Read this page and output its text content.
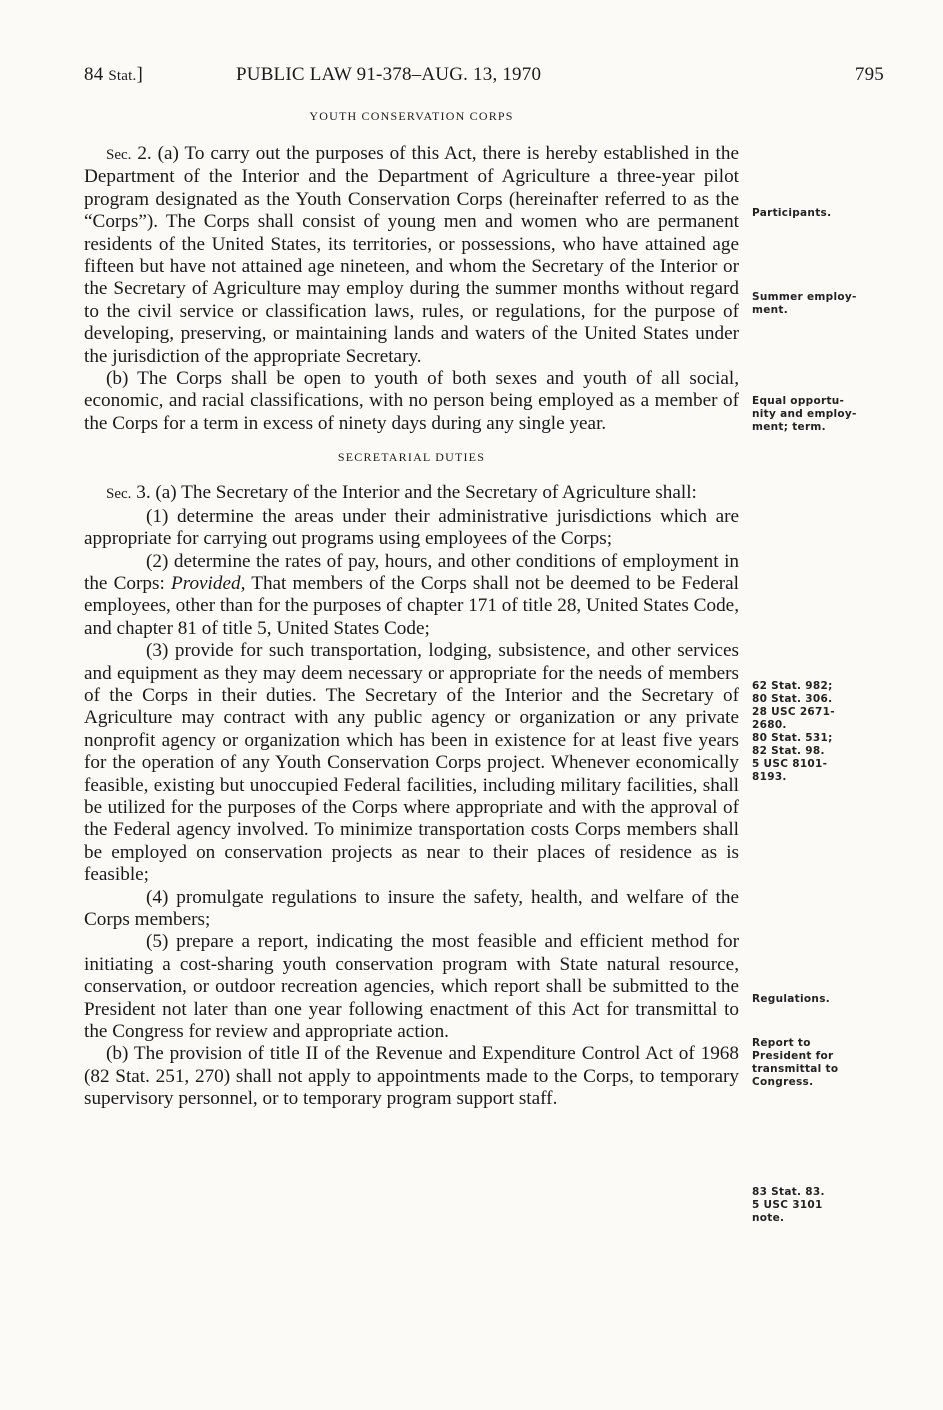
84 Stat.]	PUBLIC LAW 91-378–AUG. 13, 1970	795
YOUTH CONSERVATION CORPS

Sec. 2. (a) To carry out the purposes of this Act, there is hereby established in the Department of the Interior and the Department of Agriculture a three-year pilot program designated as the Youth Conservation Corps (hereinafter referred to as the “Corps”). The Corps shall consist of young men and women who are permanent residents of the United States, its territories, or possessions, who have attained age fifteen but have not attained age nineteen, and whom the Secretary of the Interior or the Secretary of Agriculture may employ during the summer months without regard to the civil service or classification laws, rules, or regulations, for the purpose of developing, preserving, or maintaining lands and waters of the United States under the jurisdiction of the appropriate Secretary.

(b) The Corps shall be open to youth of both sexes and youth of all social, economic, and racial classifications, with no person being employed as a member of the Corps for a term in excess of ninety days during any single year.

SECRETARIAL DUTIES

Sec. 3. (a) The Secretary of the Interior and the Secretary of Agriculture shall:

(1) determine the areas under their administrative jurisdictions which are appropriate for carrying out programs using employees of the Corps;

(2) determine the rates of pay, hours, and other conditions of employment in the Corps: Provided, That members of the Corps shall not be deemed to be Federal employees, other than for the purposes of chapter 171 of title 28, United States Code, and chapter 81 of title 5, United States Code;

(3) provide for such transportation, lodging, subsistence, and other services and equipment as they may deem necessary or appropriate for the needs of members of the Corps in their duties. The Secretary of the Interior and the Secretary of Agriculture may contract with any public agency or organization or any private nonprofit agency or organization which has been in existence for at least five years for the operation of any Youth Conservation Corps project. Whenever economically feasible, existing but unoccupied Federal facilities, including military facilities, shall be utilized for the purposes of the Corps where appropriate and with the approval of the Federal agency involved. To minimize transportation costs Corps members shall be employed on conservation projects as near to their places of residence as is feasible;

(4) promulgate regulations to insure the safety, health, and welfare of the Corps members;

(5) prepare a report, indicating the most feasible and efficient method for initiating a cost-sharing youth conservation program with State natural resource, conservation, or outdoor recreation agencies, which report shall be submitted to the President not later than one year following enactment of this Act for transmittal to the Congress for review and appropriate action.

(b) The provision of title II of the Revenue and Expenditure Control Act of 1968 (82 Stat. 251, 270) shall not apply to appointments made to the Corps, to temporary supervisory personnel, or to temporary program support staff.

Participants.
Summer employ-
ment.
Equal opportu-
nity and employ-
ment; term.
62 Stat. 982;
80 Stat. 306.
28 USC 2671-
2680.
80 Stat. 531;
82 Stat. 98.
5 USC 8101-
8193.
Regulations.
Report to
President for
transmittal to
Congress.
83 Stat. 83.
5 USC 3101
note.
